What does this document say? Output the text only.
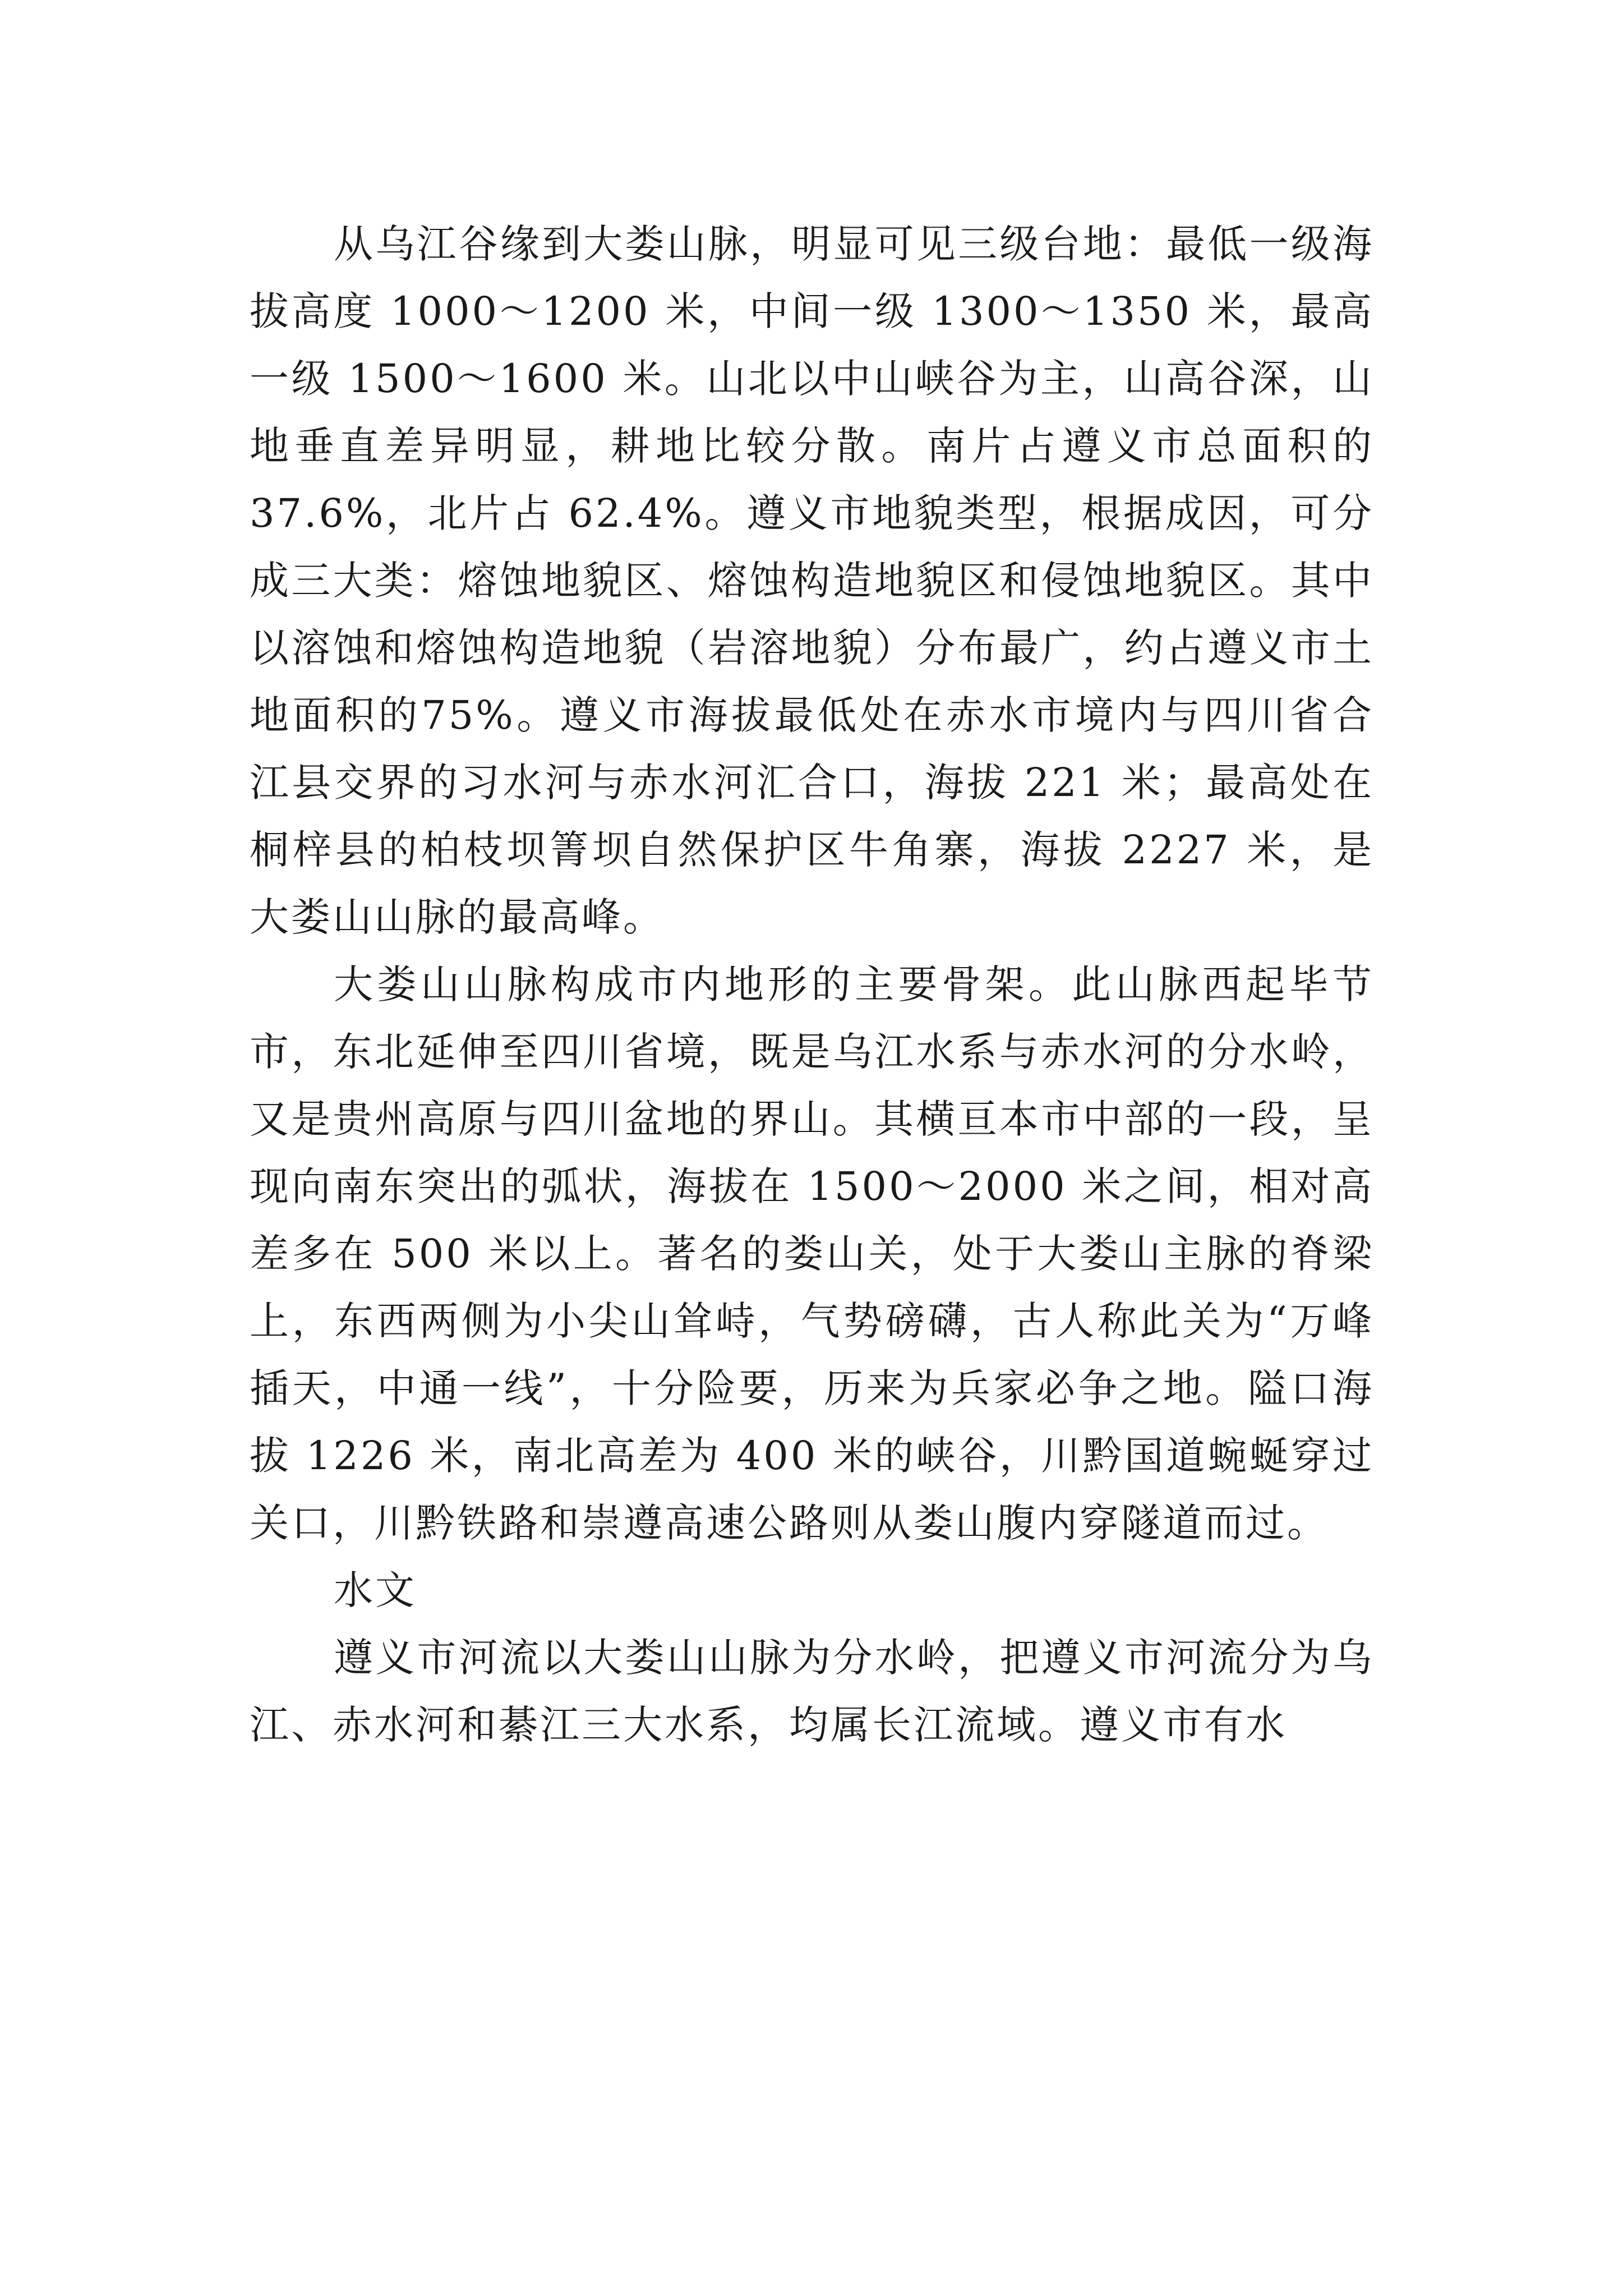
从乌江谷缘到大娄山脉，明显可见三级台地：最低一级海拔高度 1000～1200 米，中间一级 1300～1350 米，最高一级 1500～1600 米。山北以中山峡谷为主，山高谷深，山地垂直差异明显，耕地比较分散。南片占遵义市总面积的37.6%，北片占 62.4%。遵义市地貌类型，根据成因，可分成三大类：熔蚀地貌区、熔蚀构造地貌区和侵蚀地貌区。其中以溶蚀和熔蚀构造地貌（岩溶地貌）分布最广，约占遵义市土地面积的75%。遵义市海拔最低处在赤水市境内与四川省合江县交界的习水河与赤水河汇合口，海拔 221 米；最高处在桐梓县的柏枝坝箐坝自然保护区牛角寨，海拔 2227 米，是大娄山山脉的最高峰。

大娄山山脉构成市内地形的主要骨架。此山脉西起毕节市，东北延伸至四川省境，既是乌江水系与赤水河的分水岭，又是贵州高原与四川盆地的界山。其横亘本市中部的一段，呈现向南东突出的弧状，海拔在 1500～2000 米之间，相对高差多在 500 米以上。著名的娄山关，处于大娄山主脉的脊梁上，东西两侧为小尖山耸峙，气势磅礴，古人称此关为“万峰插天，中通一线”，十分险要，历来为兵家必争之地。隘口海拔 1226 米，南北高差为 400 米的峡谷，川黔国道蜿蜒穿过关口，川黔铁路和崇遵高速公路则从娄山腹内穿隧道而过。

水文

遵义市河流以大娄山山脉为分水岭，把遵义市河流分为乌江、赤水河和綦江三大水系，均属长江流域。遵义市有水
